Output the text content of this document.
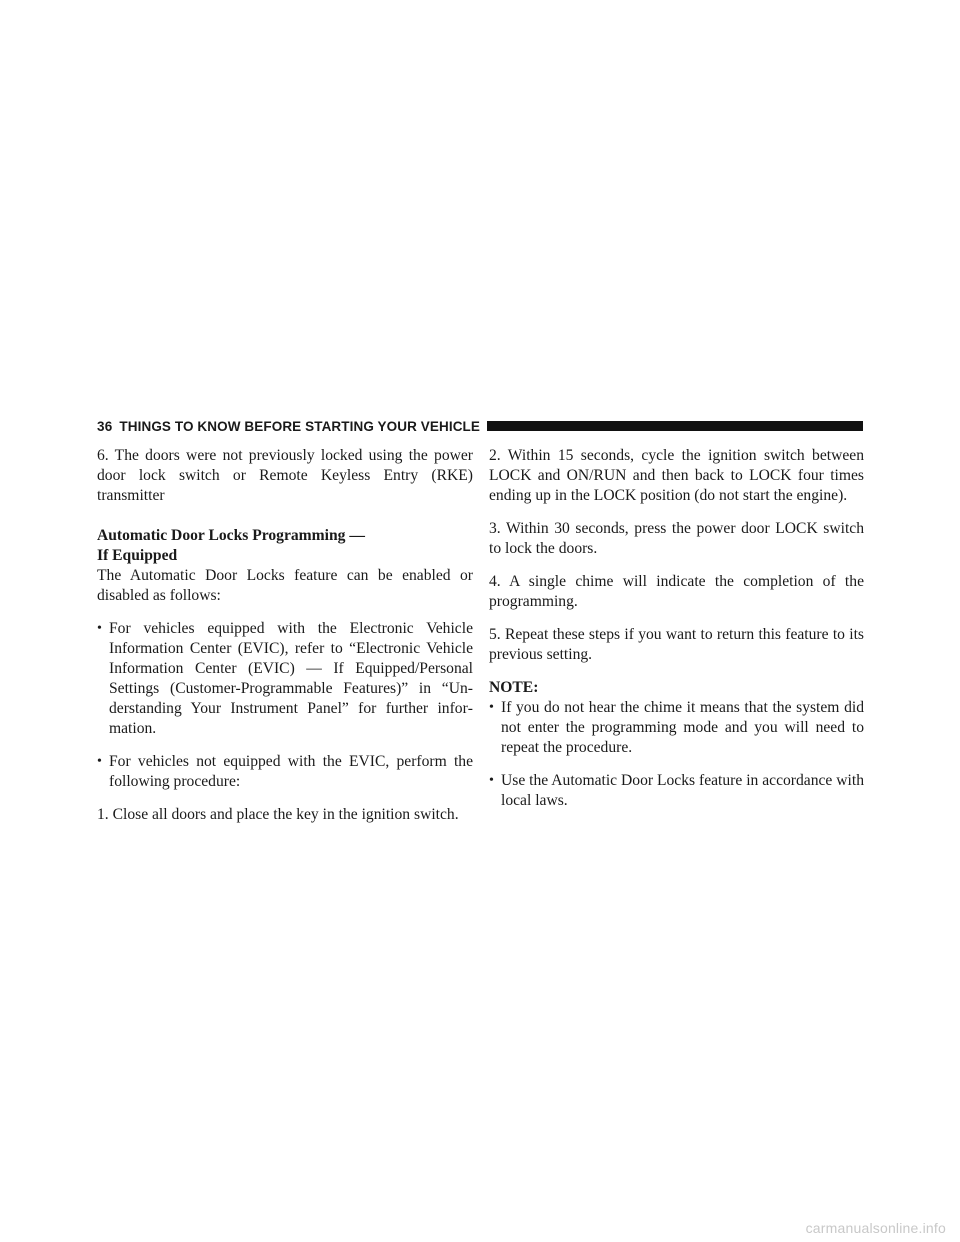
36 THINGS TO KNOW BEFORE STARTING YOUR VEHICLE

6. The doors were not previously locked using the power door lock switch or Remote Keyless Entry (RKE) transmitter

Automatic Door Locks Programming —
If Equipped

The Automatic Door Locks feature can be enabled or disabled as follows:

• For vehicles equipped with the Electronic Vehicle Information Center (EVIC), refer to “Electronic Vehicle Information Center (EVIC) — If Equipped/Personal Settings (Customer-Programmable Features)” in “Understanding Your Instrument Panel” for further information.
• For vehicles not equipped with the EVIC, perform the following procedure:

1. Close all doors and place the key in the ignition switch.

2. Within 15 seconds, cycle the ignition switch between LOCK and ON/RUN and then back to LOCK four times ending up in the LOCK position (do not start the engine).

3. Within 30 seconds, press the power door LOCK switch to lock the doors.

4. A single chime will indicate the completion of the programming.

5. Repeat these steps if you want to return this feature to its previous setting.

NOTE:
• If you do not hear the chime it means that the system did not enter the programming mode and you will need to repeat the procedure.
• Use the Automatic Door Locks feature in accordance with local laws.
carmanualsonline.info
